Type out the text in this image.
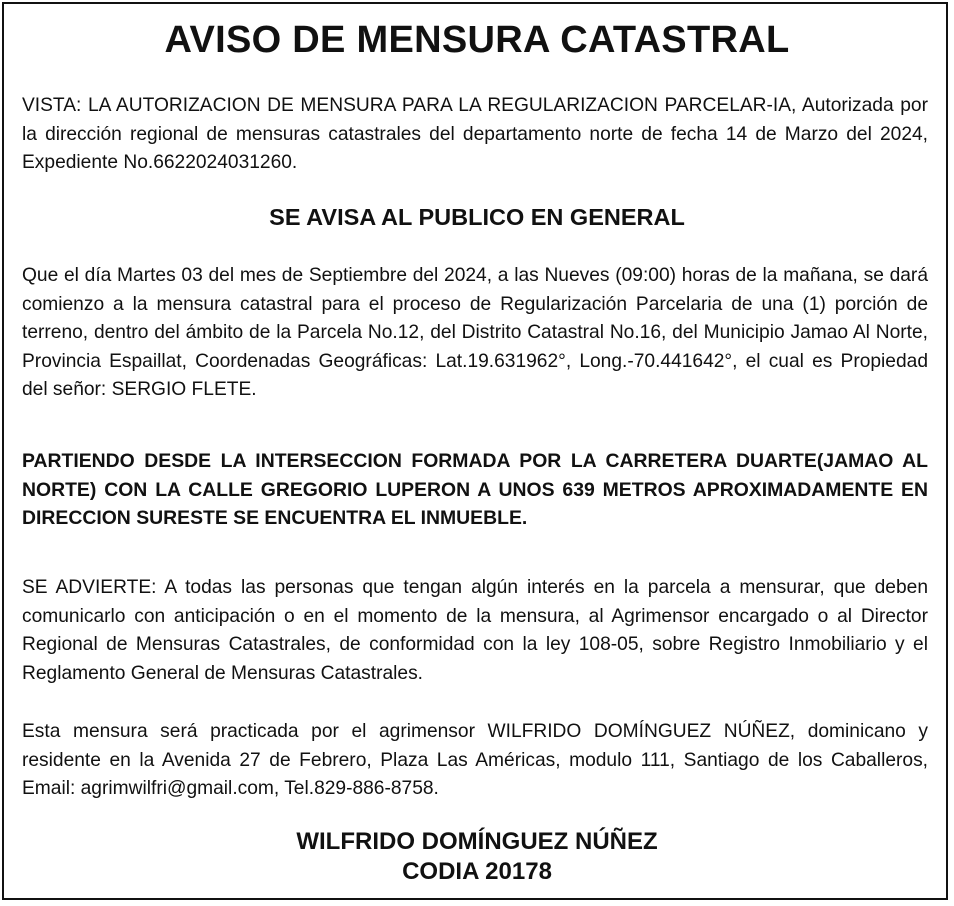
AVISO DE MENSURA CATASTRAL

VISTA: LA AUTORIZACION DE MENSURA PARA LA REGULARIZACION PARCELAR-IA, Autorizada por la dirección regional de mensuras catastrales del departamento norte de fecha 14 de Marzo del 2024, Expediente No.6622024031260.

SE AVISA AL PUBLICO EN GENERAL

Que el día Martes 03 del mes de Septiembre del 2024, a las Nueves (09:00) horas de la mañana, se dará comienzo a la mensura catastral para el proceso de Regularización Parcelaria de una (1) porción de terreno, dentro del ámbito de la Parcela No.12, del Distrito Catastral No.16, del Municipio Jamao Al Norte, Provincia Espaillat, Coordenadas Geográficas: Lat.19.631962°, Long.-70.441642°, el cual es Propiedad del señor: SERGIO FLETE.

PARTIENDO DESDE LA INTERSECCION FORMADA POR LA CARRETERA DUARTE(JAMAO AL NORTE) CON LA CALLE GREGORIO LUPERON A UNOS 639 METROS APROXIMADAMENTE EN DIRECCION SURESTE SE ENCUENTRA EL INMUEBLE.

SE ADVIERTE: A todas las personas que tengan algún interés en la parcela a mensurar, que deben comunicarlo con anticipación o en el momento de la mensura, al Agrimensor encargado o al Director Regional de Mensuras Catastrales, de conformidad con la ley 108-05, sobre Registro Inmobiliario y el Reglamento General de Mensuras Catastrales.

Esta mensura será practicada por el agrimensor WILFRIDO DOMÍNGUEZ NÚÑEZ, dominicano y residente en la Avenida 27 de Febrero, Plaza Las Américas, modulo 111, Santiago de los Caballeros, Email: agrimwilfri@gmail.com, Tel.829-886-8758.

WILFRIDO DOMÍNGUEZ NÚÑEZ

CODIA 20178
